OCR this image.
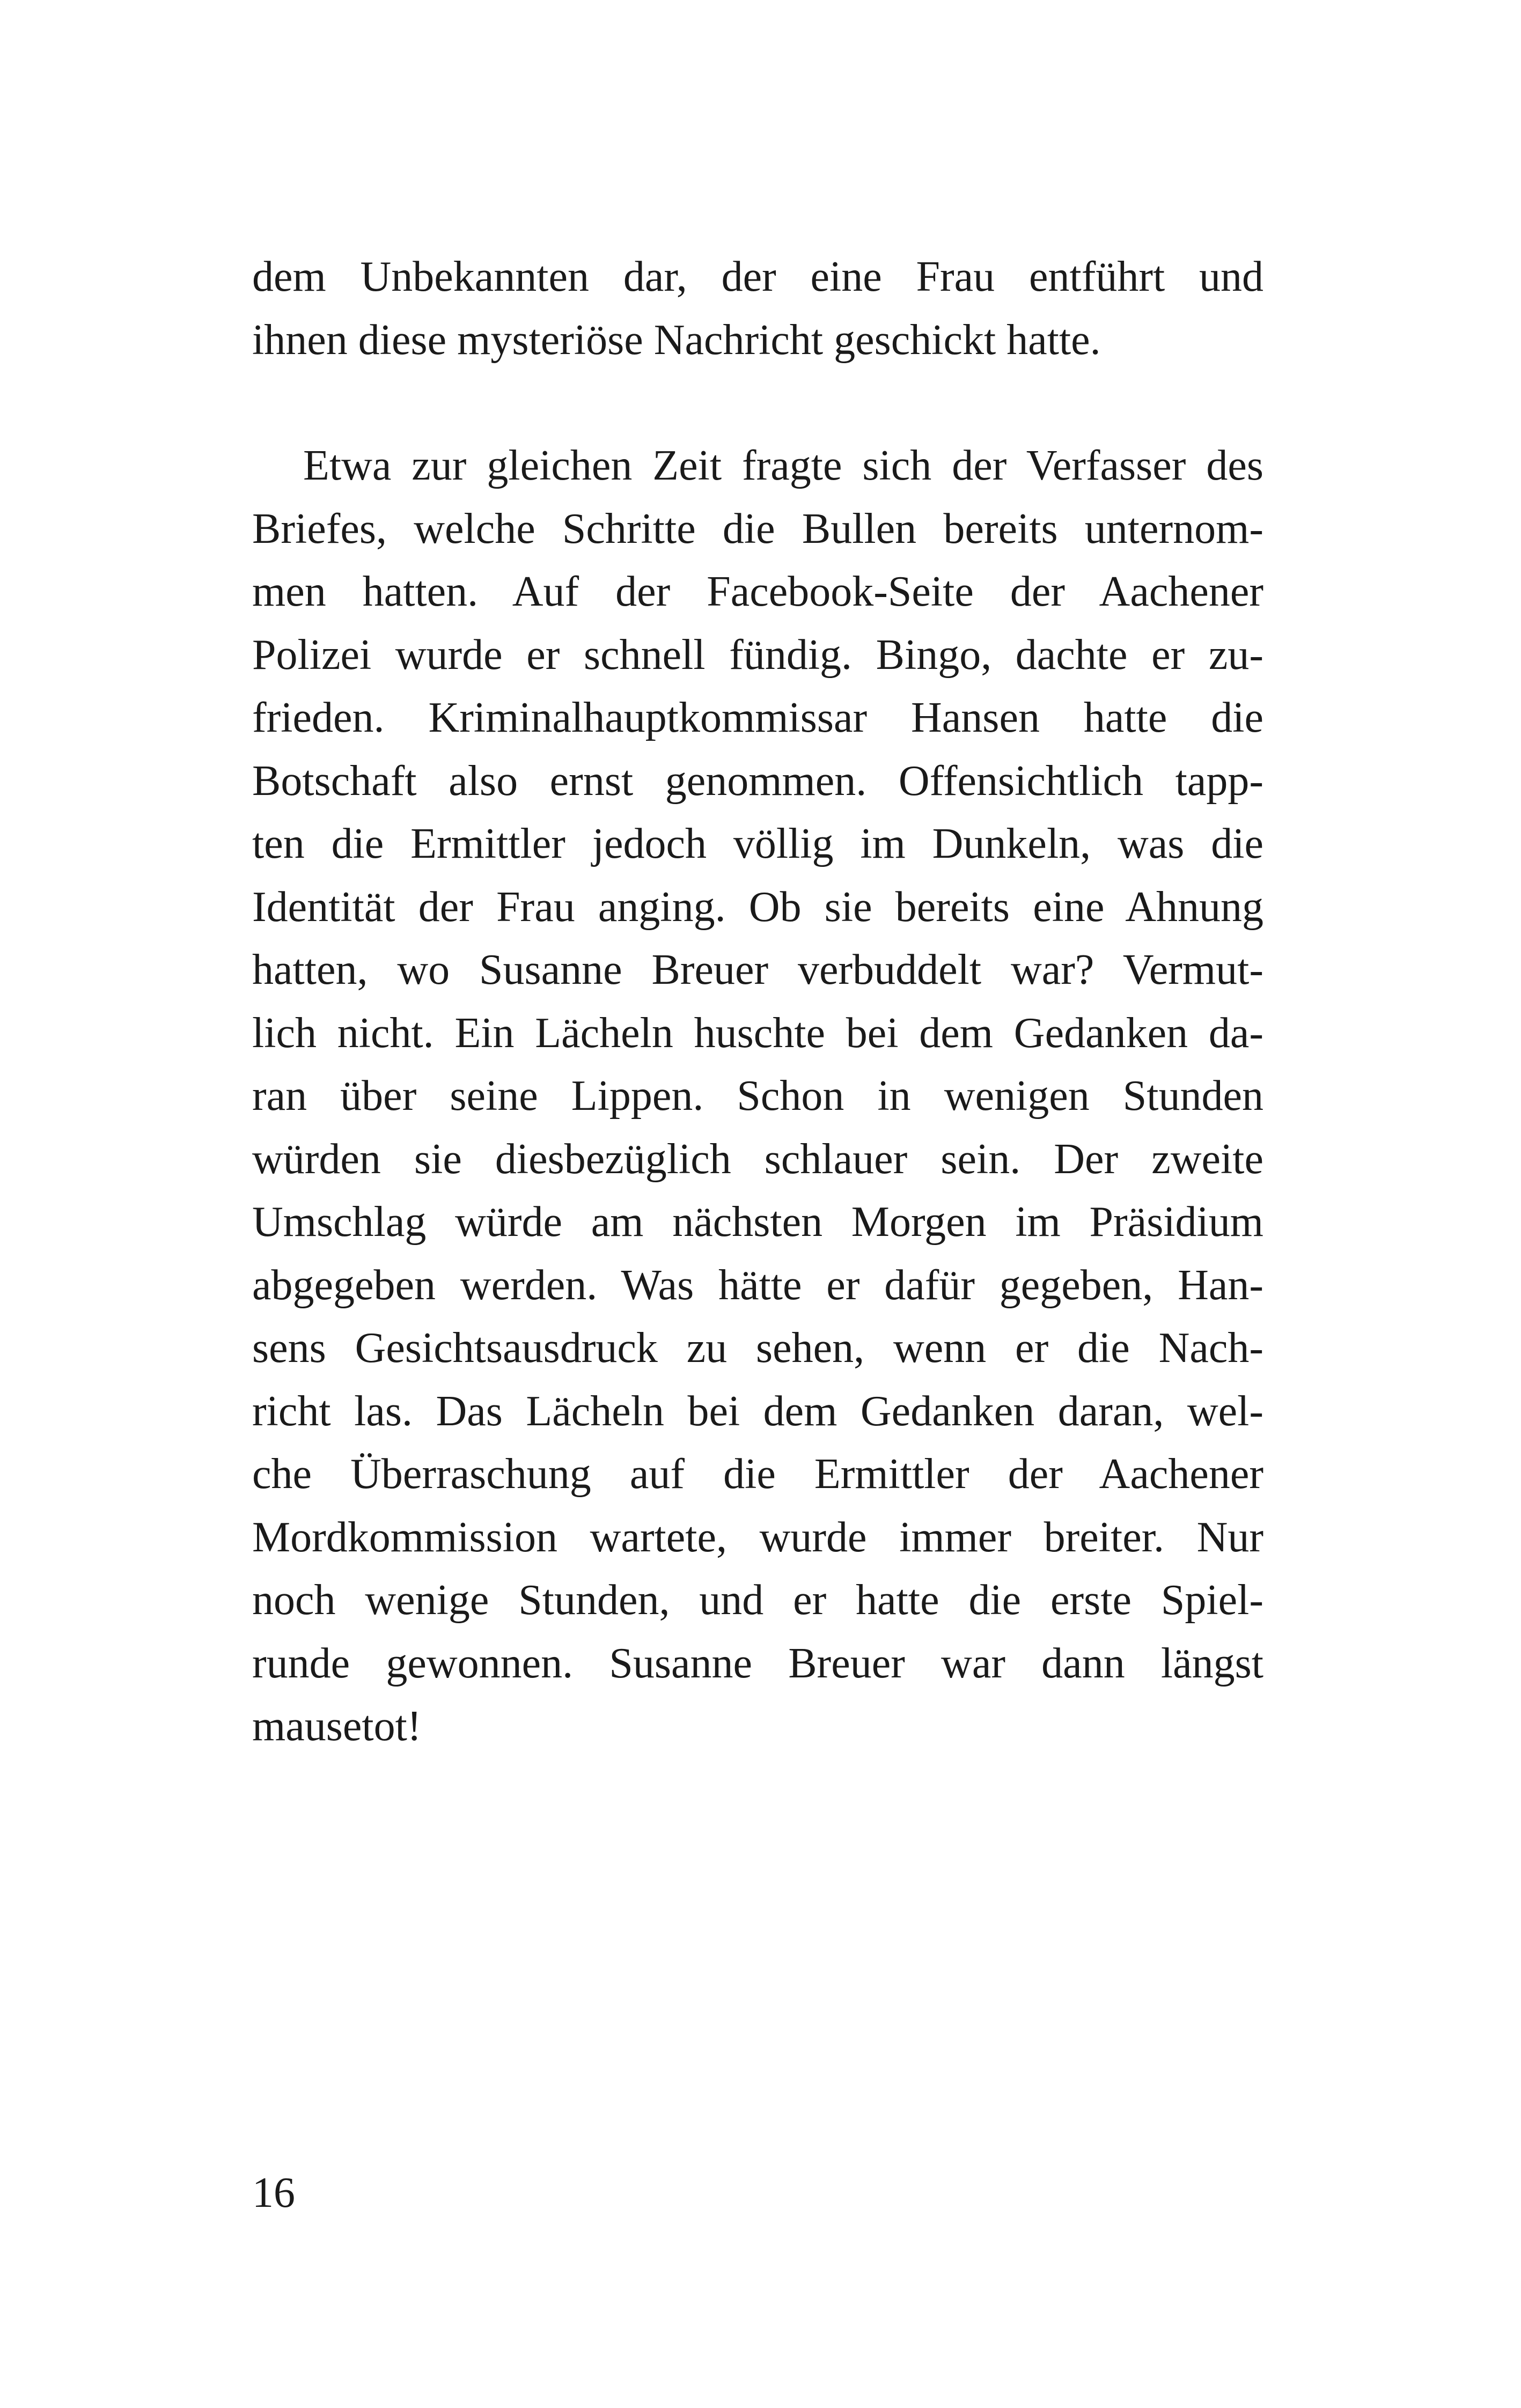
dem Unbekannten dar, der eine Frau entführt und
ihnen diese mysteriöse Nachricht geschickt hatte.
Etwa zur gleichen Zeit fragte sich der Verfasser des
Briefes, welche Schritte die Bullen bereits unternom-
men hatten. Auf der Facebook-Seite der Aachener
Polizei wurde er schnell fündig. Bingo, dachte er zu-
frieden. Kriminalhauptkommissar Hansen hatte die
Botschaft also ernst genommen. Offensichtlich tapp-
ten die Ermittler jedoch völlig im Dunkeln, was die
Identität der Frau anging. Ob sie bereits eine Ahnung
hatten, wo Susanne Breuer verbuddelt war? Vermut-
lich nicht. Ein Lächeln huschte bei dem Gedanken da-
ran über seine Lippen. Schon in wenigen Stunden
würden sie diesbezüglich schlauer sein. Der zweite
Umschlag würde am nächsten Morgen im Präsidium
abgegeben werden. Was hätte er dafür gegeben, Han-
sens Gesichtsausdruck zu sehen, wenn er die Nach-
richt las. Das Lächeln bei dem Gedanken daran, wel-
che Überraschung auf die Ermittler der Aachener
Mordkommission wartete, wurde immer breiter. Nur
noch wenige Stunden, und er hatte die erste Spiel-
runde gewonnen. Susanne Breuer war dann längst
mausetot!
16
